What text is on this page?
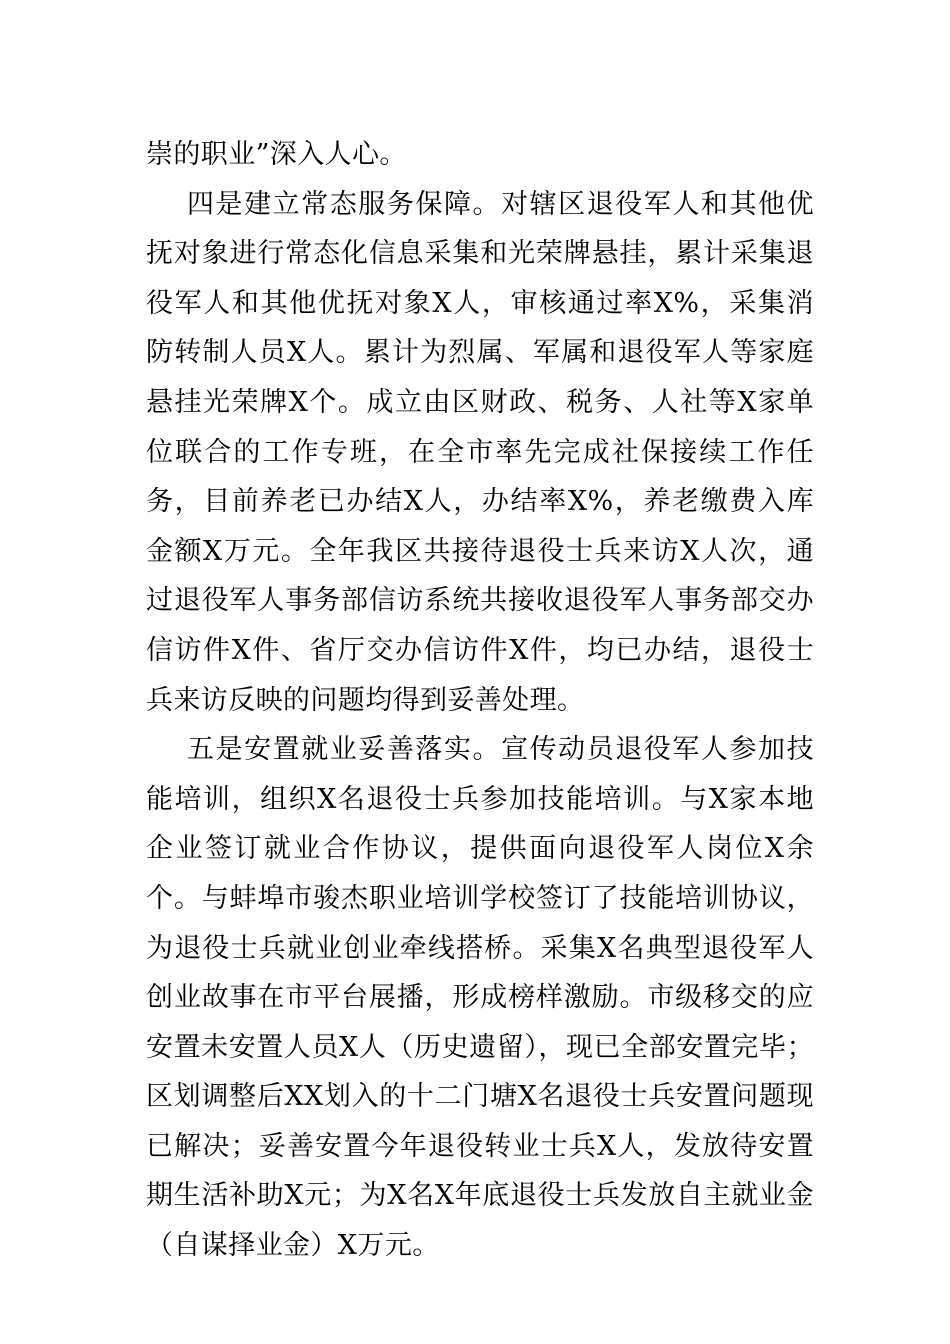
崇的职业”深入人心。

四是建立常态服务保障。对辖区退役军人和其他优抚对象进行常态化信息采集和光荣牌悬挂，累计采集退役军人和其他优抚对象X人，审核通过率X%，采集消防转制人员X人。累计为烈属、军属和退役军人等家庭悬挂光荣牌X个。成立由区财政、税务、人社等X家单位联合的工作专班，在全市率先完成社保接续工作任务，目前养老已办结X人，办结率X%，养老缴费入库金额X万元。全年我区共接待退役士兵来访X人次，通过退役军人事务部信访系统共接收退役军人事务部交办信访件X件、省厅交办信访件X件，均已办结，退役士兵来访反映的问题均得到妥善处理。

五是安置就业妥善落实。宣传动员退役军人参加技能培训，组织X名退役士兵参加技能培训。与X家本地企业签订就业合作协议，提供面向退役军人岗位X余个。与蚌埠市骏杰职业培训学校签订了技能培训协议，为退役士兵就业创业牵线搭桥。采集X名典型退役军人创业故事在市平台展播，形成榜样激励。市级移交的应安置未安置人员X人（历史遗留），现已全部安置完毕；区划调整后XX划入的十二门塘X名退役士兵安置问题现已解决；妥善安置今年退役转业士兵X人，发放待安置期生活补助X元；为X名X年底退役士兵发放自主就业金（自谋择业金）X万元。
